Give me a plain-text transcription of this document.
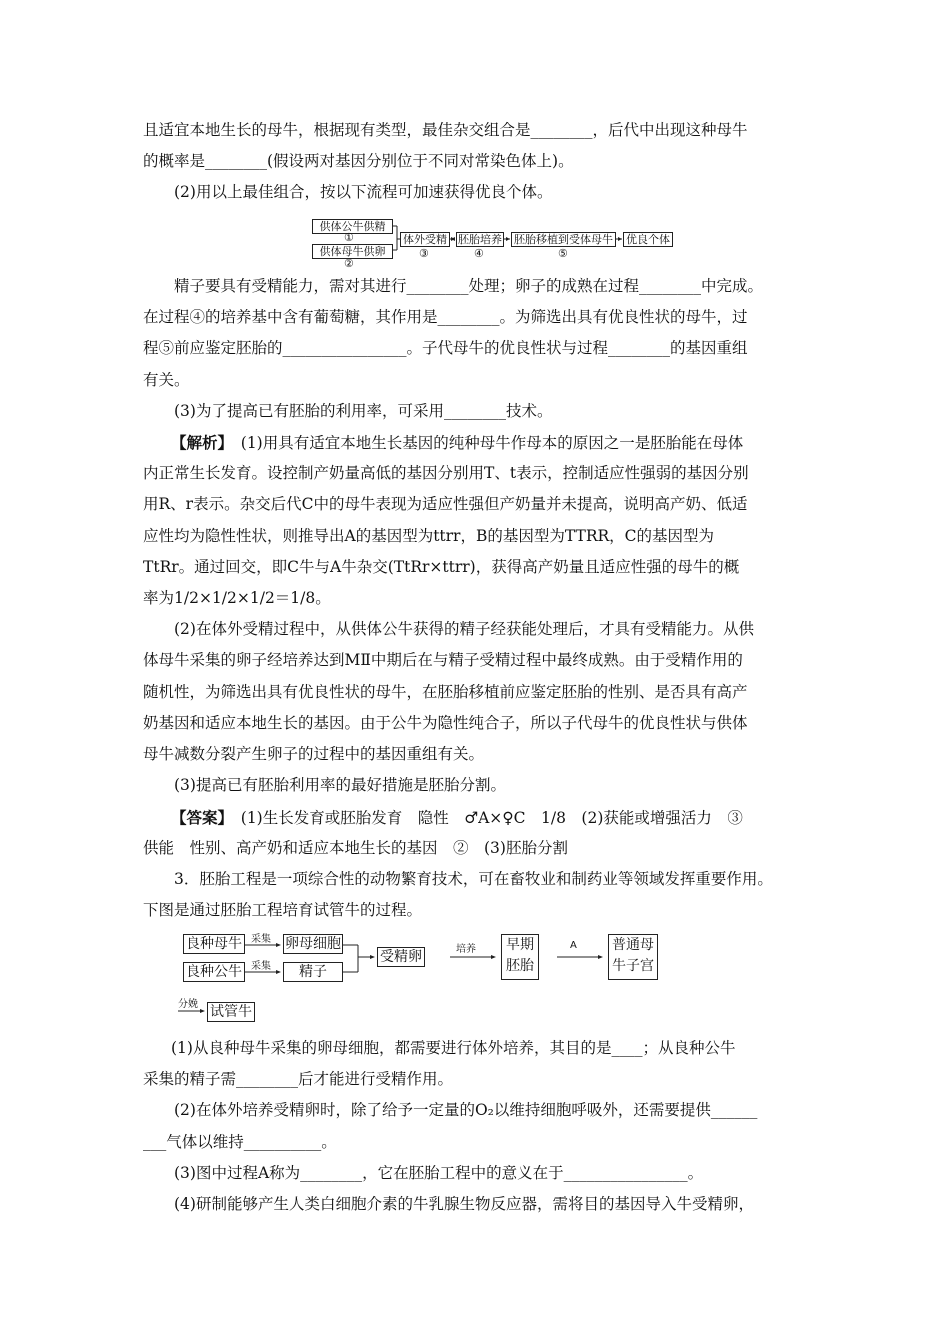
且适宜本地生长的母牛，根据现有类型，最佳杂交组合是________，后代中出现这种母牛
的概率是________(假设两对基因分别位于不同对常染色体上)。
(2)用以上最佳组合，按以下流程可加速获得优良个体。
供体公牛供精
①
供体母牛供卵
②
体外受精
③
胚胎培养
④
胚胎移植到受体母牛
⑤
优良个体
精子要具有受精能力，需对其进行________处理；卵子的成熟在过程________中完成。
在过程④的培养基中含有葡萄糖，其作用是________。为筛选出具有优良性状的母牛，过
程⑤前应鉴定胚胎的________________。子代母牛的优良性状与过程________的基因重组
有关。
(3)为了提高已有胚胎的利用率，可采用________技术。
【解析】　(1)用具有适宜本地生长基因的纯种母牛作母本的原因之一是胚胎能在母体
内正常生长发育。设控制产奶量高低的基因分别用T、t表示，控制适应性强弱的基因分别
用R、r表示。杂交后代C中的母牛表现为适应性强但产奶量并未提高，说明高产奶、低适
应性均为隐性性状，则推导出A的基因型为ttrr，B的基因型为TTRR，C的基因型为
TtRr。通过回交，即C牛与A牛杂交(TtRr×ttrr)，获得高产奶量且适应性强的母牛的概
率为1/2×1/2×1/2＝1/8。
(2)在体外受精过程中，从供体公牛获得的精子经获能处理后，才具有受精能力。从供
体母牛采集的卵子经培养达到MⅡ中期后在与精子受精过程中最终成熟。由于受精作用的
随机性，为筛选出具有优良性状的母牛，在胚胎移植前应鉴定胚胎的性别、是否具有高产
奶基因和适应本地生长的基因。由于公牛为隐性纯合子，所以子代母牛的优良性状与供体
母牛减数分裂产生卵子的过程中的基因重组有关。
(3)提高已有胚胎利用率的最好措施是胚胎分割。
【答案】　(1)生长发育或胚胎发育　隐性　♂A×♀C　1/8　(2)获能或增强活力　③
供能　性别、高产奶和适应本地生长的基因　②　(3)胚胎分割
3．胚胎工程是一项综合性的动物繁育技术，可在畜牧业和制药业等领域发挥重要作用。
下图是通过胚胎工程培育试管牛的过程。
良种母牛
良种公牛
采集
采集
卵母细胞
精子
受精卵	培养 早期
胚胎
A	普通母
牛子宫
分娩 试管牛
(1)从良种母牛采集的卵母细胞，都需要进行体外培养，其目的是____；从良种公牛
采集的精子需________后才能进行受精作用。
(2)在体外培养受精卵时，除了给予一定量的O₂以维持细胞呼吸外，还需要提供______
___气体以维持__________。
(3)图中过程A称为________，它在胚胎工程中的意义在于________________。
(4)研制能够产生人类白细胞介素的牛乳腺生物反应器，需将目的基因导入牛受精卵，
